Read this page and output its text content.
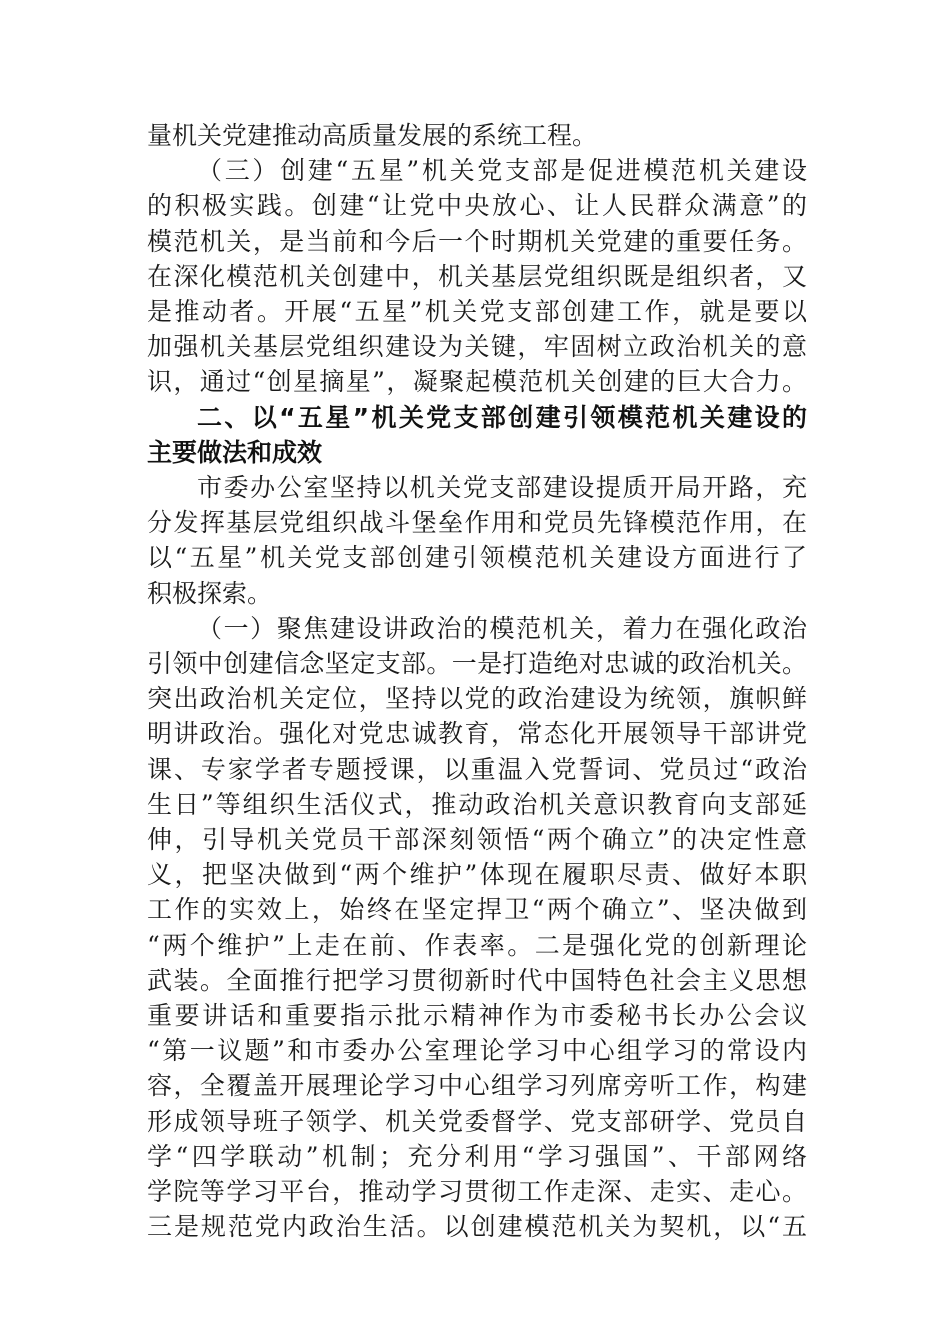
量机关党建推动高质量发展的系统工程。
（三）创建“五星”机关党支部是促进模范机关建设
的积极实践。创建“让党中央放心、让人民群众满意”的
模范机关，是当前和今后一个时期机关党建的重要任务。
在深化模范机关创建中，机关基层党组织既是组织者，又
是推动者。开展“五星”机关党支部创建工作，就是要以
加强机关基层党组织建设为关键，牢固树立政治机关的意
识，通过“创星摘星”，凝聚起模范机关创建的巨大合力。
二、以“五星”机关党支部创建引领模范机关建设的
主要做法和成效
市委办公室坚持以机关党支部建设提质开局开路，充
分发挥基层党组织战斗堡垒作用和党员先锋模范作用，在
以“五星”机关党支部创建引领模范机关建设方面进行了
积极探索。
（一）聚焦建设讲政治的模范机关，着力在强化政治
引领中创建信念坚定支部。一是打造绝对忠诚的政治机关。
突出政治机关定位，坚持以党的政治建设为统领，旗帜鲜
明讲政治。强化对党忠诚教育，常态化开展领导干部讲党
课、专家学者专题授课，以重温入党誓词、党员过“政治
生日”等组织生活仪式，推动政治机关意识教育向支部延
伸，引导机关党员干部深刻领悟“两个确立”的决定性意
义，把坚决做到“两个维护”体现在履职尽责、做好本职
工作的实效上，始终在坚定捍卫“两个确立”、坚决做到
“两个维护”上走在前、作表率。二是强化党的创新理论
武装。全面推行把学习贯彻新时代中国特色社会主义思想
重要讲话和重要指示批示精神作为市委秘书长办公会议
“第一议题”和市委办公室理论学习中心组学习的常设内
容，全覆盖开展理论学习中心组学习列席旁听工作，构建
形成领导班子领学、机关党委督学、党支部研学、党员自
学“四学联动”机制；充分利用“学习强国”、干部网络
学院等学习平台，推动学习贯彻工作走深、走实、走心。
三是规范党内政治生活。以创建模范机关为契机，以“五
